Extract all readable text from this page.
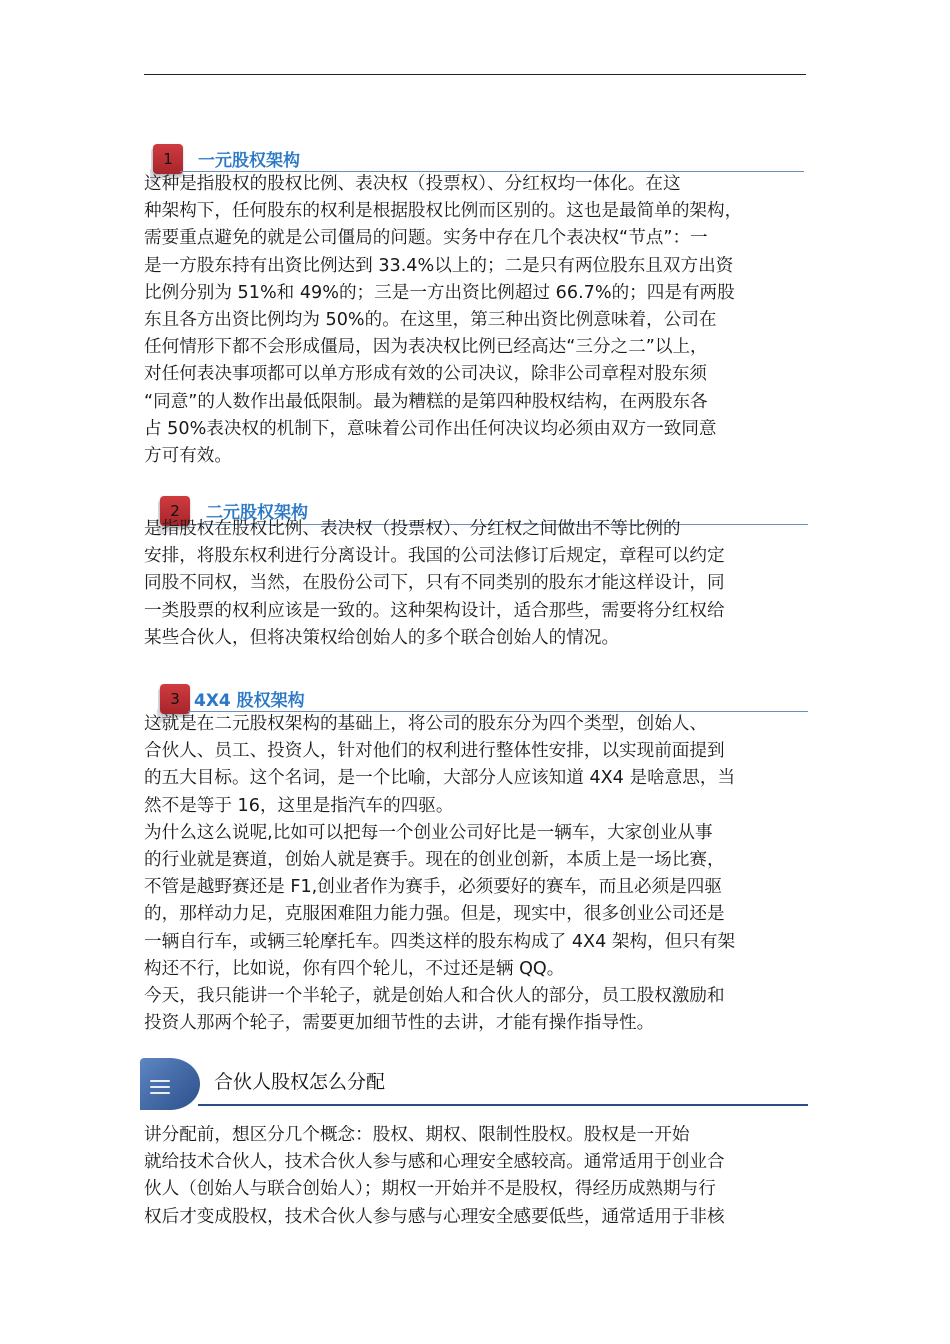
1	一元股权架构
这种是指股权的股权比例、表决权（投票权）、分红权均一体化。在这
种架构下，任何股东的权利是根据股权比例而区别的。这也是最简单的架构，
需要重点避免的就是公司僵局的问题。实务中存在几个表决权“节点”：一
是一方股东持有出资比例达到 33.4%以上的；二是只有两位股东且双方出资
比例分别为 51%和 49%的；三是一方出资比例超过 66.7%的；四是有两股
东且各方出资比例均为 50%的。在这里，第三种出资比例意味着，公司在
任何情形下都不会形成僵局，因为表决权比例已经高达“三分之二”以上，
对任何表决事项都可以单方形成有效的公司决议，除非公司章程对股东须
“同意”的人数作出最低限制。最为糟糕的是第四种股权结构，在两股东各
占 50%表决权的机制下，意味着公司作出任何决议均必须由双方一致同意
方可有效。
2	二元股权架构
是指股权在股权比例、表决权（投票权）、分红权之间做出不等比例的
安排，将股东权利进行分离设计。我国的公司法修订后规定，章程可以约定
同股不同权，当然，在股份公司下，只有不同类别的股东才能这样设计，同
一类股票的权利应该是一致的。这种架构设计，适合那些，需要将分红权给
某些合伙人，但将决策权给创始人的多个联合创始人的情况。
3 4X4 股权架构
这就是在二元股权架构的基础上，将公司的股东分为四个类型，创始人、
合伙人、员工、投资人，针对他们的权利进行整体性安排，以实现前面提到
的五大目标。这个名词，是一个比喻，大部分人应该知道 4X4 是啥意思，当
然不是等于 16，这里是指汽车的四驱。
为什么这么说呢,比如可以把每一个创业公司好比是一辆车，大家创业从事
的行业就是赛道，创始人就是赛手。现在的创业创新，本质上是一场比赛，
不管是越野赛还是 F1,创业者作为赛手，必须要好的赛车，而且必须是四驱
的，那样动力足，克服困难阻力能力强。但是，现实中，很多创业公司还是
一辆自行车，或辆三轮摩托车。四类这样的股东构成了 4X4 架构，但只有架
构还不行，比如说，你有四个轮儿，不过还是辆 QQ。
今天，我只能讲一个半轮子，就是创始人和合伙人的部分，员工股权激励和
投资人那两个轮子，需要更加细节性的去讲，才能有操作指导性。
合伙人股权怎么分配
讲分配前，想区分几个概念：股权、期权、限制性股权。股权是一开始
就给技术合伙人，技术合伙人参与感和心理安全感较高。通常适用于创业合
伙人（创始人与联合创始人）；期权一开始并不是股权，得经历成熟期与行
权后才变成股权，技术合伙人参与感与心理安全感要低些，通常适用于非核
